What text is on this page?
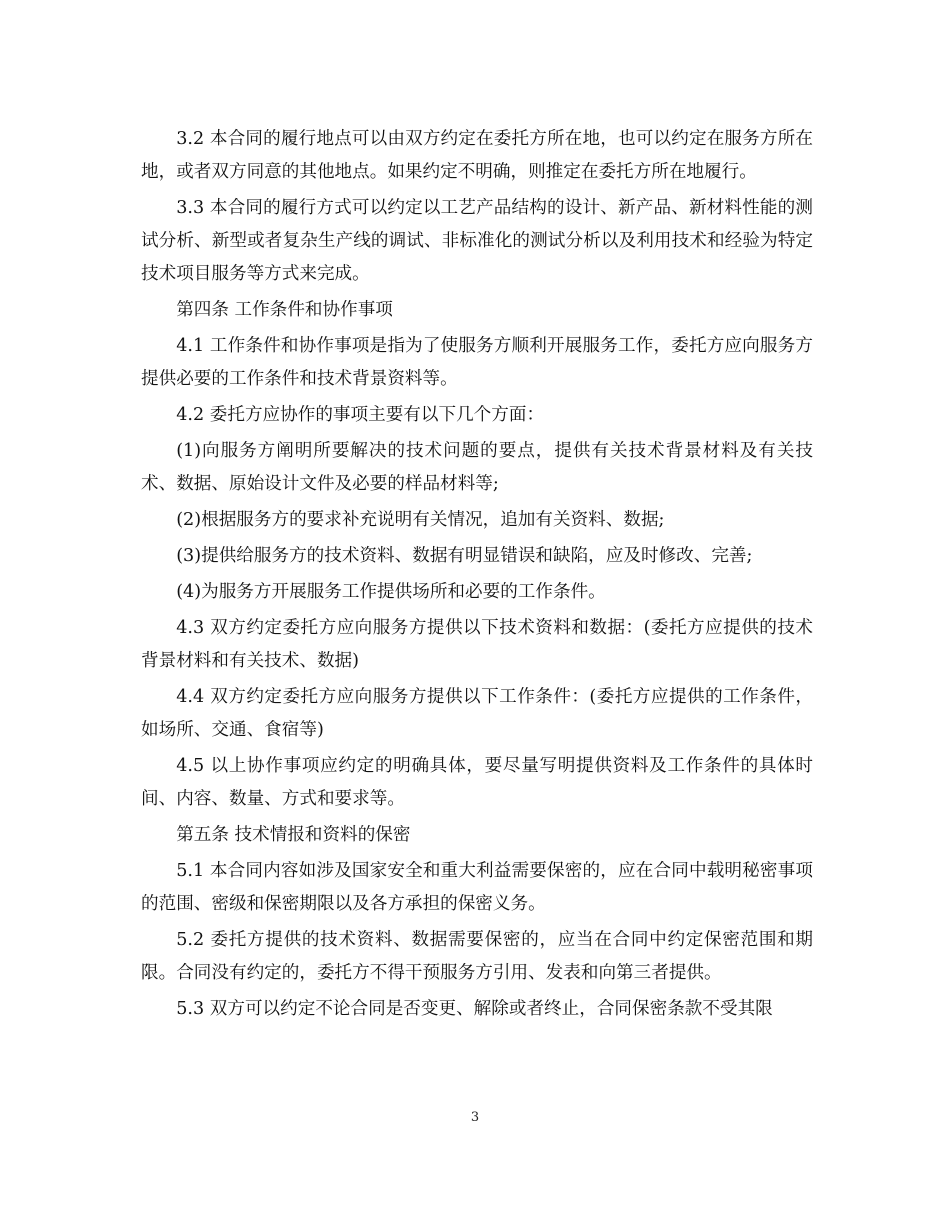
3.2 本合同的履行地点可以由双方约定在委托方所在地，也可以约定在服务方所在地，或者双方同意的其他地点。如果约定不明确，则推定在委托方所在地履行。

3.3 本合同的履行方式可以约定以工艺产品结构的设计、新产品、新材料性能的测试分析、新型或者复杂生产线的调试、非标准化的测试分析以及利用技术和经验为特定技术项目服务等方式来完成。

第四条 工作条件和协作事项

4.1 工作条件和协作事项是指为了使服务方顺利开展服务工作，委托方应向服务方提供必要的工作条件和技术背景资料等。

4.2 委托方应协作的事项主要有以下几个方面：

(1)向服务方阐明所要解决的技术问题的要点，提供有关技术背景材料及有关技术、数据、原始设计文件及必要的样品材料等;

(2)根据服务方的要求补充说明有关情况，追加有关资料、数据;

(3)提供给服务方的技术资料、数据有明显错误和缺陷，应及时修改、完善;

(4)为服务方开展服务工作提供场所和必要的工作条件。

4.3 双方约定委托方应向服务方提供以下技术资料和数据：(委托方应提供的技术背景材料和有关技术、数据)

4.4 双方约定委托方应向服务方提供以下工作条件：(委托方应提供的工作条件，如场所、交通、食宿等)

4.5 以上协作事项应约定的明确具体，要尽量写明提供资料及工作条件的具体时间、内容、数量、方式和要求等。

第五条 技术情报和资料的保密

5.1 本合同内容如涉及国家安全和重大利益需要保密的，应在合同中载明秘密事项的范围、密级和保密期限以及各方承担的保密义务。

5.2 委托方提供的技术资料、数据需要保密的，应当在合同中约定保密范围和期限。合同没有约定的，委托方不得干预服务方引用、发表和向第三者提供。

5.3 双方可以约定不论合同是否变更、解除或者终止，合同保密条款不受其限

3
